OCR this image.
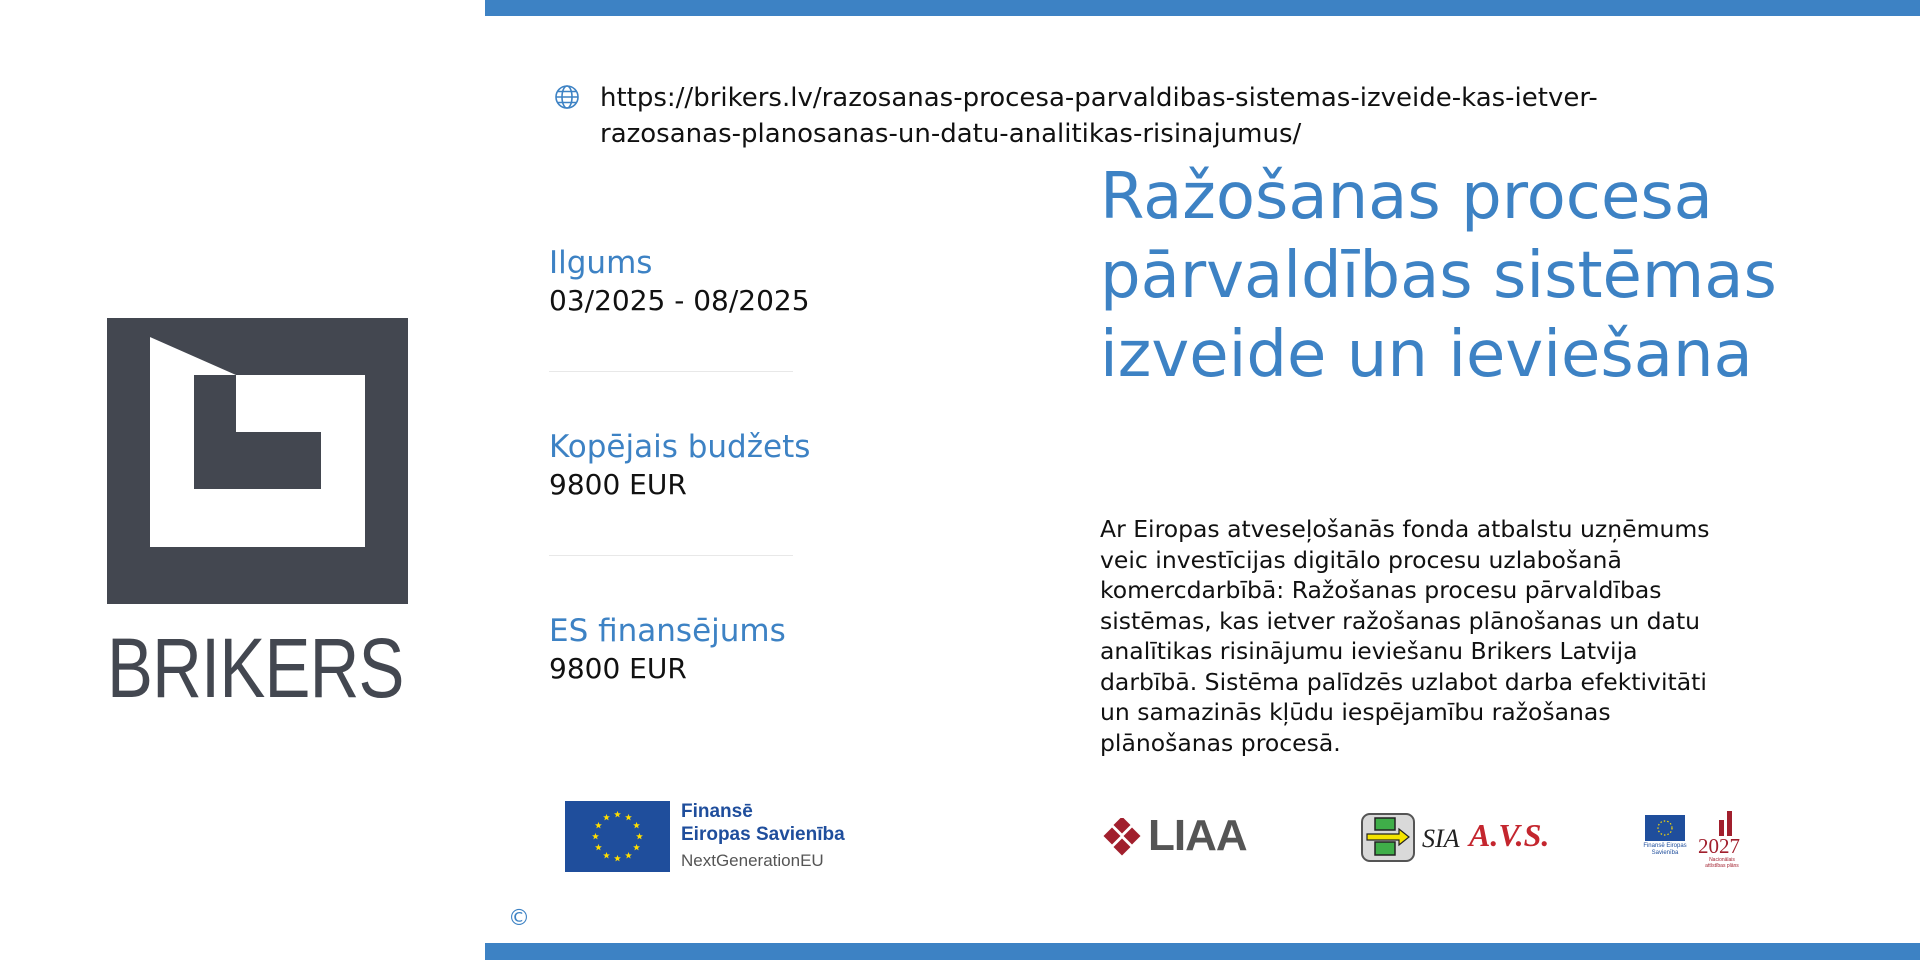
BRIKERS
https://brikers.lv/razosanas-procesa-parvaldibas-sistemas-izveide-kas-ietver-razosanas-planosanas-un-datu-analitikas-risinajumus/
Ilgums
03/2025 - 08/2025
Kopējais budžets
9800 EUR
ES finansējums
9800 EUR
Ražošanas procesa pārvaldības sistēmas izveide un ieviešana
Ar Eiropas atveseļošanās fonda atbalstu uzņēmums veic investīcijas digitālo procesu uzlabošanā komercdarbībā: Ražošanas procesu pārvaldības sistēmas, kas ietver ražošanas plānošanas un datu analītikas risinājumu ieviešanu Brikers Latvija darbībā. Sistēma palīdzēs uzlabot darba efektivitāti un samazinās kļūdu iespējamību ražošanas plānošanas procesā.
Finansē
Eiropas Savienība
NextGenerationEU
LIAA	SIA A.V.S.	Finansē Eiropas Savienība 2027
Nacionālais attīstības plāns
©
